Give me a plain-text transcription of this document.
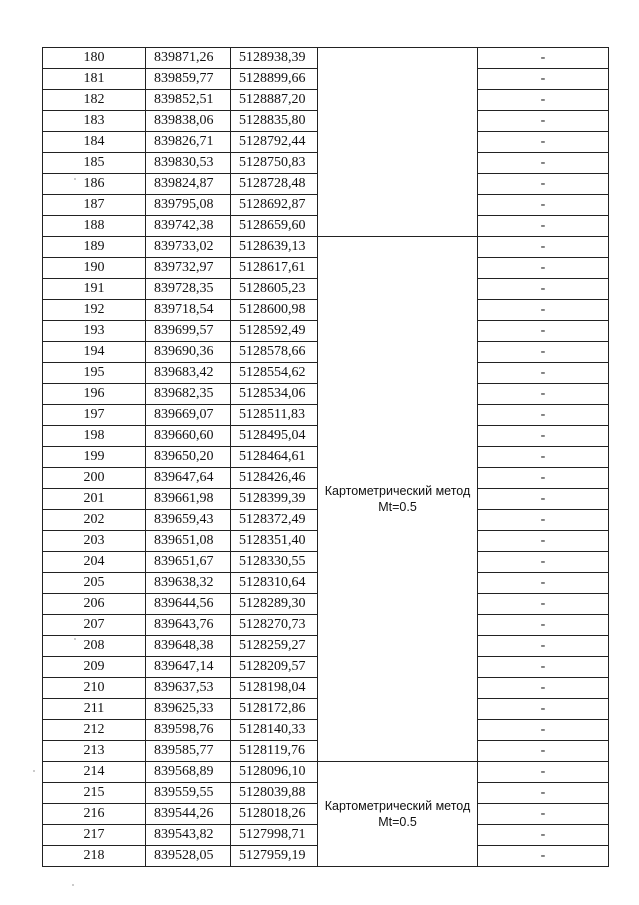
180	839871,26	5128938,39		-
181	839859,77	5128899,66		-
182	839852,51	5128887,20		-
183	839838,06	5128835,80		-
184	839826,71	5128792,44		-
185	839830,53	5128750,83		-
186	839824,87	5128728,48		-
187	839795,08	5128692,87		-
188	839742,38	5128659,60		-
189	839733,02	5128639,13	Картометрический метод Mt=0.5	-
190	839732,97	5128617,61		-
191	839728,35	5128605,23		-
192	839718,54	5128600,98		-
193	839699,57	5128592,49		-
194	839690,36	5128578,66		-
195	839683,42	5128554,62		-
196	839682,35	5128534,06		-
197	839669,07	5128511,83		-
198	839660,60	5128495,04		-
199	839650,20	5128464,61		-
200	839647,64	5128426,46		-
201	839661,98	5128399,39		-
202	839659,43	5128372,49		-
203	839651,08	5128351,40		-
204	839651,67	5128330,55		-
205	839638,32	5128310,64		-
206	839644,56	5128289,30		-
207	839643,76	5128270,73		-
208	839648,38	5128259,27		-
209	839647,14	5128209,57		-
210	839637,53	5128198,04		-
211	839625,33	5128172,86		-
212	839598,76	5128140,33		-
213	839585,77	5128119,76		-
214	839568,89	5128096,10	Картометрический метод Mt=0.5	-
215	839559,55	5128039,88		-
216	839544,26	5128018,26		-
217	839543,82	5127998,71		-
218	839528,05	5127959,19		-
